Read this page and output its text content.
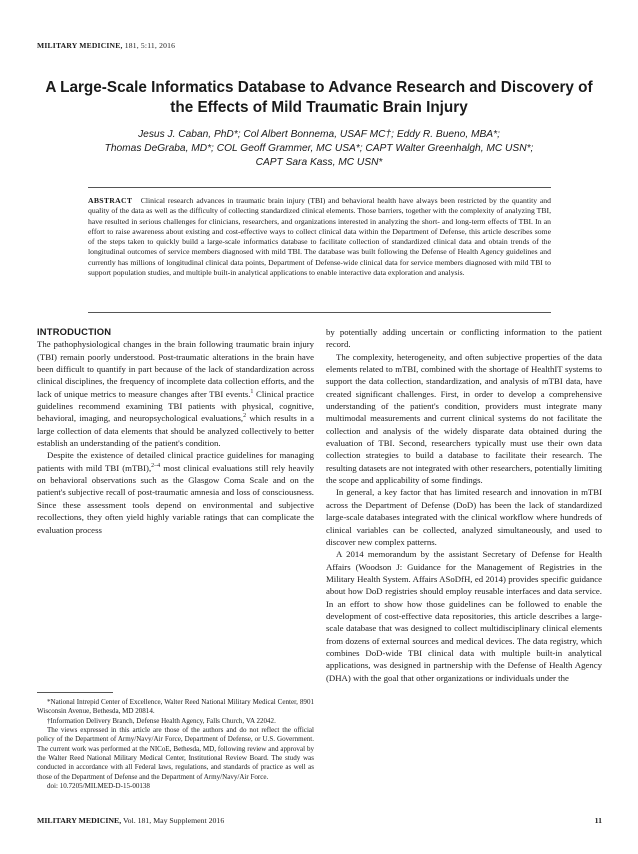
MILITARY MEDICINE, 181, 5:11, 2016
A Large-Scale Informatics Database to Advance Research and Discovery of the Effects of Mild Traumatic Brain Injury
Jesus J. Caban, PhD*; Col Albert Bonnema, USAF MC†; Eddy R. Bueno, MBA*;
Thomas DeGraba, MD*; COL Geoff Grammer, MC USA*; CAPT Walter Greenhalgh, MC USN*;
CAPT Sara Kass, MC USN*
ABSTRACT Clinical research advances in traumatic brain injury (TBI) and behavioral health have always been restricted by the quantity and quality of the data as well as the difficulty of collecting standardized clinical elements. Those barriers, together with the complexity of analyzing TBI, have resulted in serious challenges for clinicians, researchers, and organizations interested in analyzing the short- and long-term effects of TBI. In an effort to raise awareness about existing and cost-effective ways to collect clinical data within the Department of Defense, this article describes some of the steps taken to quickly build a large-scale informatics database to facilitate collection of standardized clinical data and obtain trends of the longitudinal outcomes of service members diagnosed with mild TBI. The database was built following the Defense of Health Agency guidelines and currently has millions of longitudinal clinical data points, Department of Defense-wide clinical data for service members diagnosed with mild TBI to support population studies, and multiple built-in analytical applications to enable interactive data exploration and analysis.
INTRODUCTION

The pathophysiological changes in the brain following traumatic brain injury (TBI) remain poorly understood. Post-traumatic alterations in the brain have been difficult to quantify in part because of the lack of standardization across clinical disciplines, the frequency of incomplete data collection efforts, and the lack of unique metrics to measure changes after TBI events.$^1$ Clinical practice guidelines recommend examining TBI patients with physical, cognitive, behavioral, imaging, and neuropsychological evaluations,$^2$ which results in a large collection of data elements that should be analyzed collectively to better establish an understanding of the patient's condition.

Despite the existence of detailed clinical practice guidelines for managing patients with mild TBI (mTBI),$^{2-4}$ most clinical evaluations still rely heavily on behavioral observations such as the Glasgow Coma Scale and on the patient's subjective recall of post-traumatic amnesia and loss of consciousness. Since these assessment tools depend on environmental and subjective recollections, they often yield highly variable ratings that can complicate the evaluation process

*National Intrepid Center of Excellence, Walter Reed National Military Medical Center, 8901 Wisconsin Avenue, Bethesda, MD 20814.

†Information Delivery Branch, Defense Health Agency, Falls Church, VA 22042.

The views expressed in this article are those of the authors and do not reflect the official policy of the Department of Army/Navy/Air Force, Department of Defense, or U.S. Government. The current work was performed at the NICoE, Bethesda, MD, following review and approval by the Walter Reed National Military Medical Center, Institutional Review Board. The study was conducted in accordance with all Federal laws, regulations, and standards of practice as well as those of the Department of Defense and the Department of Army/Navy/Air Force.

doi: 10.7205/MILMED-D-15-00138

by potentially adding uncertain or conflicting information to the patient record.

The complexity, heterogeneity, and often subjective properties of the data elements related to mTBI, combined with the shortage of HealthIT systems to support the data collection, standardization, and analysis of mTBI data, have created significant challenges. First, in order to develop a comprehensive understanding of the patient's condition, providers must integrate many multimodal measurements and current clinical systems do not facilitate the collection and analysis of the widely disparate data obtained during the evaluation of TBI. Second, researchers typically must use their own data collection strategies to build a database to facilitate their research. The resulting datasets are not integrated with other researchers, potentially limiting the scope and applicability of some findings.

In general, a key factor that has limited research and innovation in mTBI across the Department of Defense (DoD) has been the lack of standardized large-scale databases integrated with the clinical workflow where hundreds of clinical variables can be collected, analyzed simultaneously, and used to discover new complex patterns.

A 2014 memorandum by the assistant Secretary of Defense for Health Affairs (Woodson J: Guidance for the Management of Registries in the Military Health System. Affairs ASoDfH, ed 2014) provides specific guidance about how DoD registries should employ reusable interfaces and data service. In an effort to show how those guidelines can be followed to enable the development of cost-effective data repositories, this article describes a large-scale database that was designed to collect multidisciplinary clinical elements from dozens of external sources and medical devices. The data registry, which combines DoD-wide TBI clinical data with multiple built-in analytical applications, was designed in partnership with the Defense of Health Agency (DHA) with the goal that other organizations or individuals under the

MILITARY MEDICINE, Vol. 181, May Supplement 2016	11
